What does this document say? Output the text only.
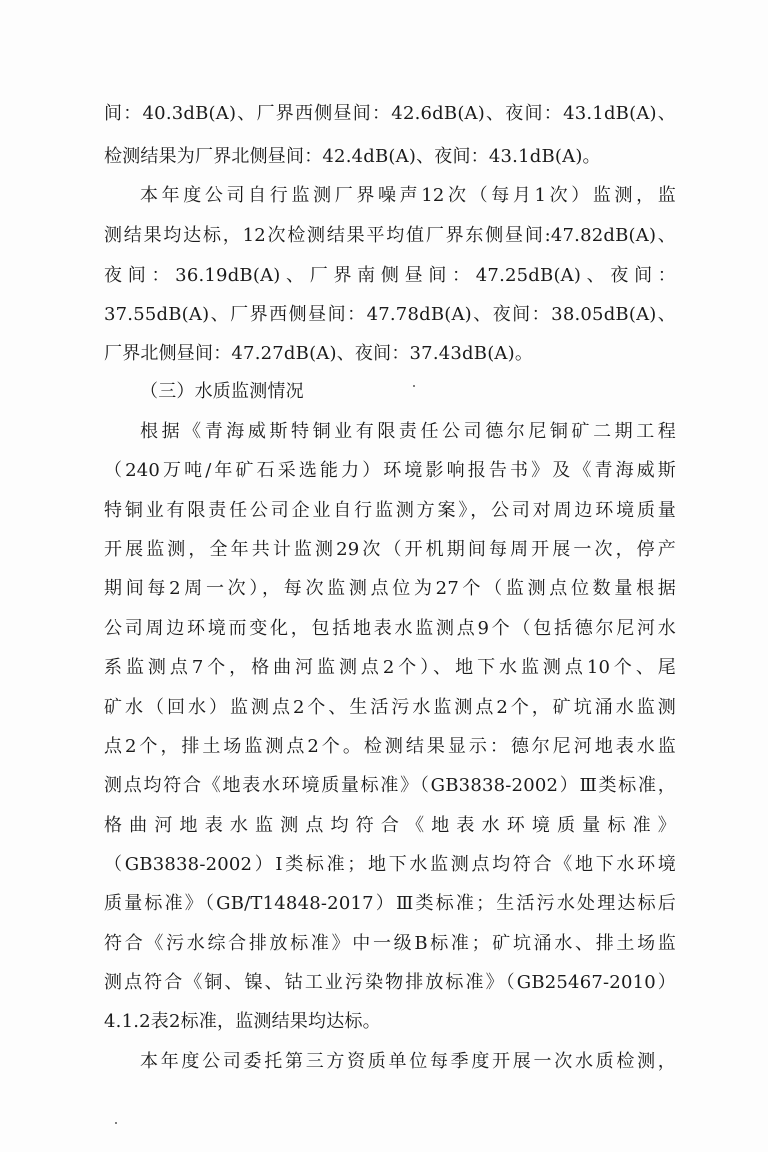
间：40.3dB(A)、厂界西侧昼间：42.6dB(A)、夜间：43.1dB(A)、
检测结果为厂界北侧昼间：42.4dB(A)、夜间：43.1dB(A)。
本年度公司自行监测厂界噪声12次（每月1次）监测，监
测结果均达标，12次检测结果平均值厂界东侧昼间:47.82dB(A)、
夜间：36.19dB(A)、厂界南侧昼间：47.25dB(A)、夜间：
37.55dB(A)、厂界西侧昼间：47.78dB(A)、夜间：38.05dB(A)、
厂界北侧昼间：47.27dB(A)、夜间：37.43dB(A)。
（三）水质监测情况
根据《青海威斯特铜业有限责任公司德尔尼铜矿二期工程
（240万吨/年矿石采选能力）环境影响报告书》及《青海威斯
特铜业有限责任公司企业自行监测方案》，公司对周边环境质量
开展监测，全年共计监测29次（开机期间每周开展一次，停产
期间每2周一次），每次监测点位为27个（监测点位数量根据
公司周边环境而变化，包括地表水监测点9个（包括德尔尼河水
系监测点7个，格曲河监测点2个）、地下水监测点10个、尾
矿水（回水）监测点2个、生活污水监测点2个，矿坑涌水监测
点2个，排土场监测点2个。检测结果显示：德尔尼河地表水监
测点均符合《地表水环境质量标准》（GB3838-2002）Ⅲ类标准，
格曲河地表水监测点均符合《地表水环境质量标准》
（GB3838-2002）Ⅰ类标准；地下水监测点均符合《地下水环境
质量标准》（GB/T14848-2017）Ⅲ类标准；生活污水处理达标后
符合《污水综合排放标准》中一级B标准；矿坑涌水、排土场监
测点符合《铜、镍、钴工业污染物排放标准》（GB25467-2010）
4.1.2表2标准，监测结果均达标。
本年度公司委托第三方资质单位每季度开展一次水质检测，
